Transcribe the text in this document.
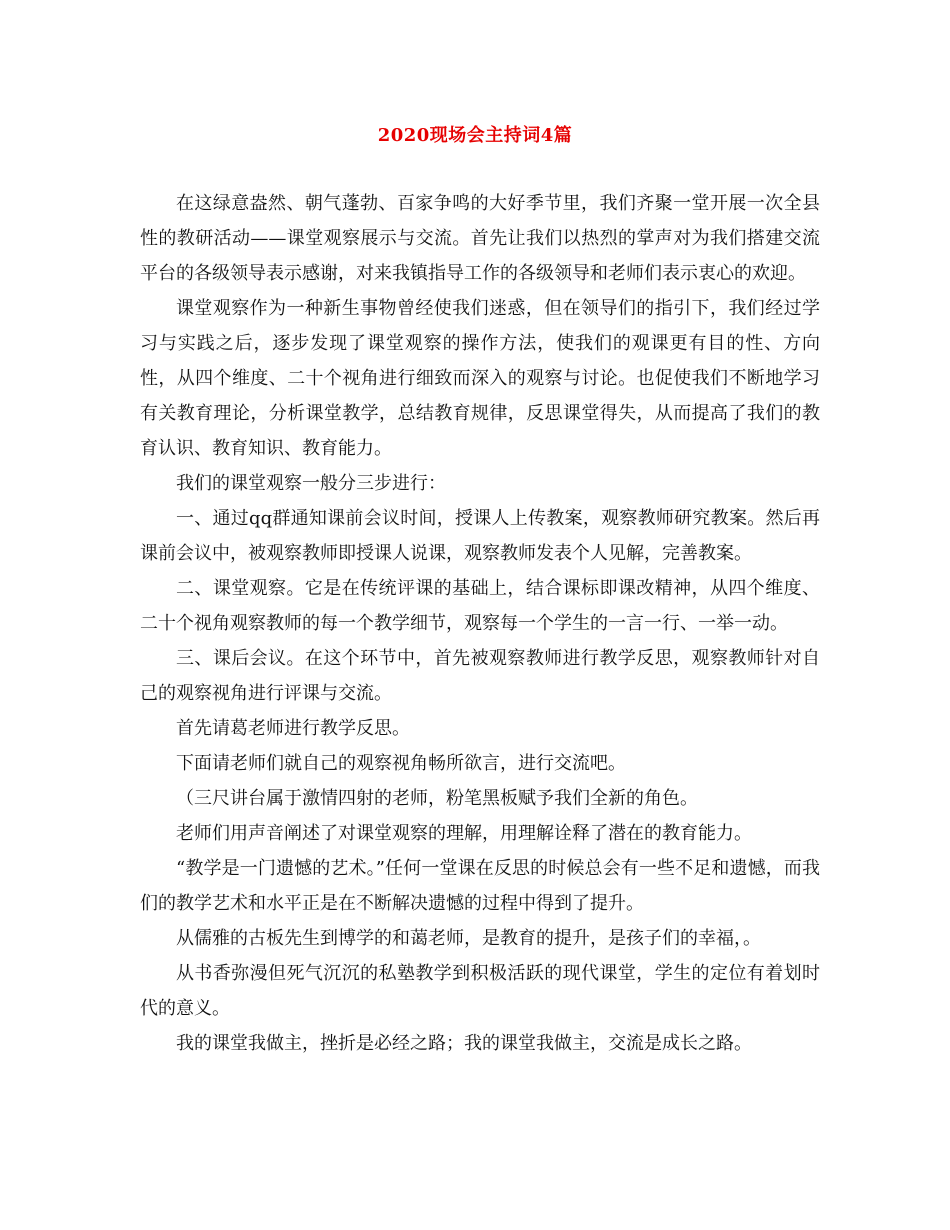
2020现场会主持词4篇

在这绿意盎然、朝气蓬勃、百家争鸣的大好季节里，我们齐聚一堂开展一次全县性的教研活动——课堂观察展示与交流。首先让我们以热烈的掌声对为我们搭建交流平台的各级领导表示感谢，对来我镇指导工作的各级领导和老师们表示衷心的欢迎。

课堂观察作为一种新生事物曾经使我们迷惑，但在领导们的指引下，我们经过学习与实践之后，逐步发现了课堂观察的操作方法，使我们的观课更有目的性、方向性，从四个维度、二十个视角进行细致而深入的观察与讨论。也促使我们不断地学习有关教育理论，分析课堂教学，总结教育规律，反思课堂得失，从而提高了我们的教育认识、教育知识、教育能力。

我们的课堂观察一般分三步进行：

一、通过qq群通知课前会议时间，授课人上传教案，观察教师研究教案。然后再课前会议中，被观察教师即授课人说课，观察教师发表个人见解，完善教案。

二、课堂观察。它是在传统评课的基础上，结合课标即课改精神，从四个维度、二十个视角观察教师的每一个教学细节，观察每一个学生的一言一行、一举一动。

三、课后会议。在这个环节中，首先被观察教师进行教学反思，观察教师针对自己的观察视角进行评课与交流。

首先请葛老师进行教学反思。

下面请老师们就自己的观察视角畅所欲言，进行交流吧。

（三尺讲台属于激情四射的老师，粉笔黑板赋予我们全新的角色。

老师们用声音阐述了对课堂观察的理解，用理解诠释了潜在的教育能力。

“教学是一门遗憾的艺术。”任何一堂课在反思的时候总会有一些不足和遗憾，而我们的教学艺术和水平正是在不断解决遗憾的过程中得到了提升。

从儒雅的古板先生到博学的和蔼老师，是教育的提升，是孩子们的幸福，。

从书香弥漫但死气沉沉的私塾教学到积极活跃的现代课堂，学生的定位有着划时代的意义。

我的课堂我做主，挫折是必经之路；我的课堂我做主，交流是成长之路。
